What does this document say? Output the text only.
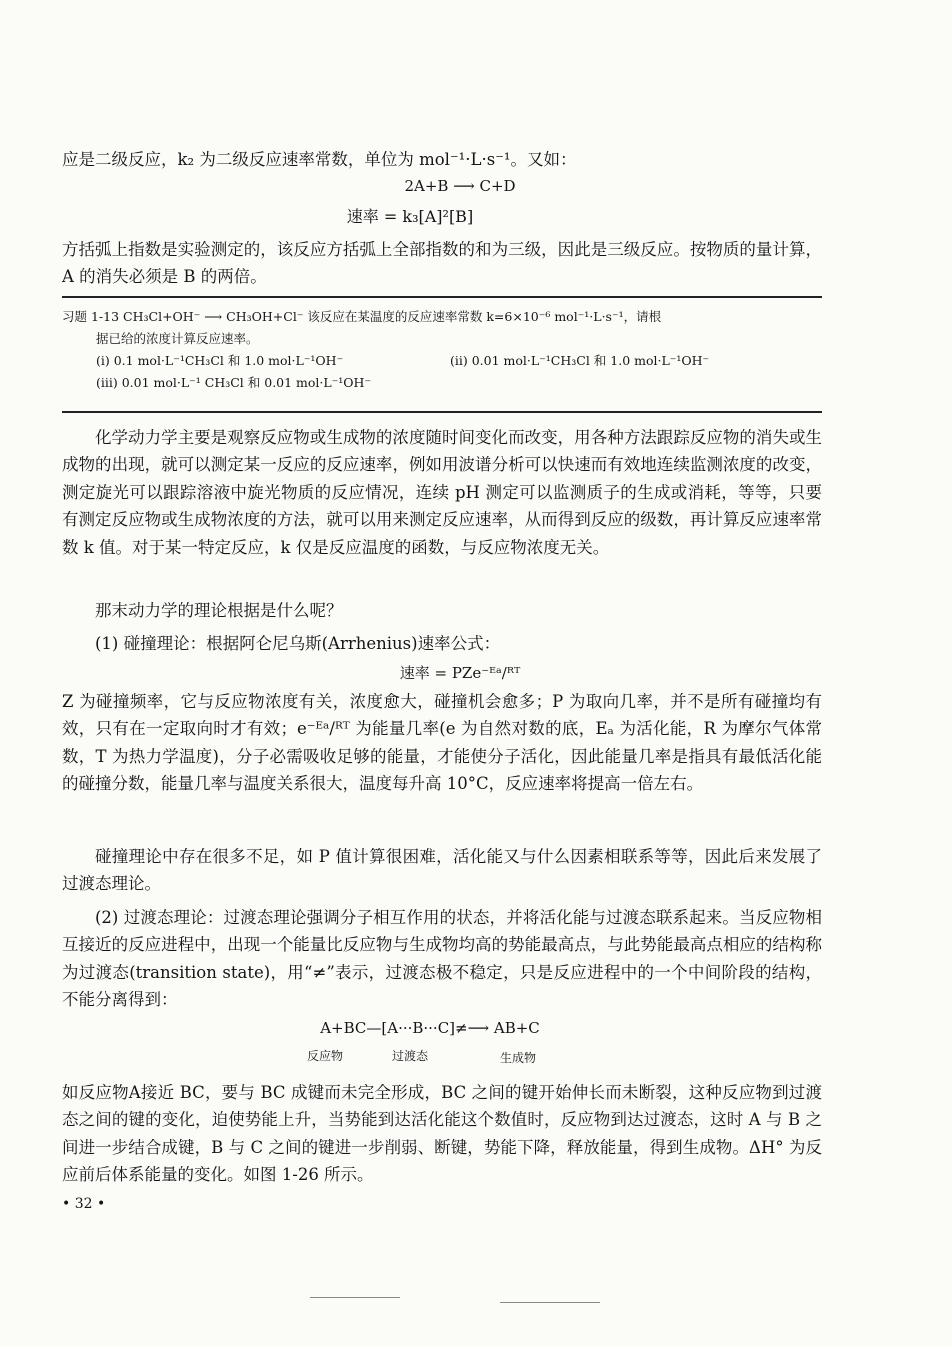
应是二级反应，k₂ 为二级反应速率常数，单位为 mol⁻¹·L·s⁻¹。又如：

2A+B ⟶ C+D
速率 = k₃[A]²[B]

方括弧上指数是实验测定的，该反应方括弧上全部指数的和为三级，因此是三级反应。按物质的量计算，A 的消失必须是 B 的两倍。

习题 1-13 CH₃Cl+OH⁻ ⟶ CH₃OH+Cl⁻ 该反应在某温度的反应速率常数 k=6×10⁻⁶ mol⁻¹·L·s⁻¹，请根
据已给的浓度计算反应速率。
(i) 0.1 mol·L⁻¹CH₃Cl 和 1.0 mol·L⁻¹OH⁻	(ii) 0.01 mol·L⁻¹CH₃Cl 和 1.0 mol·L⁻¹OH⁻
(iii) 0.01 mol·L⁻¹ CH₃Cl 和 0.01 mol·L⁻¹OH⁻

化学动力学主要是观察反应物或生成物的浓度随时间变化而改变，用各种方法跟踪反应物的消失或生成物的出现，就可以测定某一反应的反应速率，例如用波谱分析可以快速而有效地连续监测浓度的改变，测定旋光可以跟踪溶液中旋光物质的反应情况，连续 pH 测定可以监测质子的生成或消耗，等等，只要有测定反应物或生成物浓度的方法，就可以用来测定反应速率，从而得到反应的级数，再计算反应速率常数 k 值。对于某一特定反应，k 仅是反应温度的函数，与反应物浓度无关。

那末动力学的理论根据是什么呢？

(1) 碰撞理论：根据阿仑尼乌斯(Arrhenius)速率公式：

速率 = PZe⁻ᴱᵃ/ᴿᵀ

Z 为碰撞频率，它与反应物浓度有关，浓度愈大，碰撞机会愈多；P 为取向几率，并不是所有碰撞均有效，只有在一定取向时才有效；e⁻ᴱᵃ/ᴿᵀ 为能量几率(e 为自然对数的底，Eₐ 为活化能，R 为摩尔气体常数，T 为热力学温度)，分子必需吸收足够的能量，才能使分子活化，因此能量几率是指具有最低活化能的碰撞分数，能量几率与温度关系很大，温度每升高 10°C，反应速率将提高一倍左右。

碰撞理论中存在很多不足，如 P 值计算很困难，活化能又与什么因素相联系等等，因此后来发展了过渡态理论。

(2) 过渡态理论：过渡态理论强调分子相互作用的状态，并将活化能与过渡态联系起来。当反应物相互接近的反应进程中，出现一个能量比反应物与生成物均高的势能最高点，与此势能最高点相应的结构称为过渡态(transition state)，用“≠”表示，过渡态极不稳定，只是反应进程中的一个中间阶段的结构，不能分离得到：

A+BC—[A···B···C]≠⟶ AB+C
反应物	过渡态	生成物

如反应物A接近 BC，要与 BC 成键而未完全形成，BC 之间的键开始伸长而未断裂，这种反应物到过渡态之间的键的变化，迫使势能上升，当势能到达活化能这个数值时，反应物到达过渡态，这时 A 与 B 之间进一步结合成键，B 与 C 之间的键进一步削弱、断键，势能下降，释放能量，得到生成物。ΔH° 为反应前后体系能量的变化。如图 1-26 所示。

• 32 •
